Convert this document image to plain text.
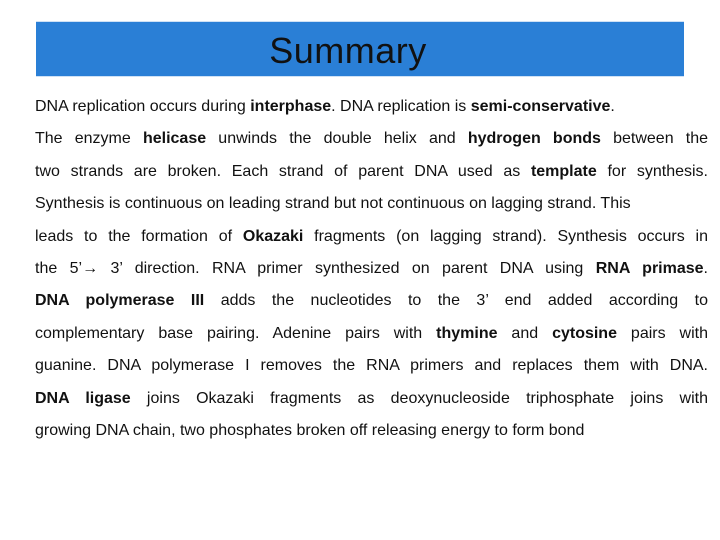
Summary
DNA replication occurs during interphase. DNA replication is semi-conservative.
The enzyme helicase unwinds the double helix and hydrogen bonds between the
two strands are broken. Each strand of parent DNA used as template for synthesis.
Synthesis is continuous on leading strand but not continuous on lagging strand. This
leads to the formation of Okazaki fragments (on lagging strand). Synthesis occurs in
the 5’→ 3’ direction. RNA primer synthesized on parent DNA using RNA primase.
DNA polymerase III adds the nucleotides to the 3’ end added according to
complementary base pairing. Adenine pairs with thymine and cytosine pairs with
guanine. DNA polymerase I removes the RNA primers and replaces them with DNA.
DNA ligase joins Okazaki fragments as deoxynucleoside triphosphate joins with
growing DNA chain, two phosphates broken off releasing energy to form bond
